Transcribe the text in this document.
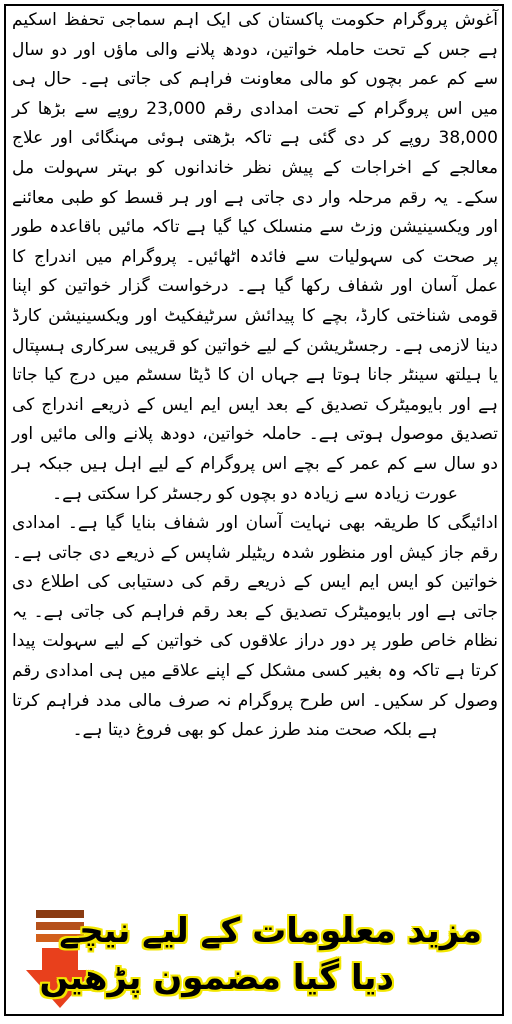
آغوش پروگرام حکومت پاکستان کی ایک اہم سماجی تحفظ اسکیم ہے جس کے تحت حاملہ خواتین، دودھ پلانے والی ماؤں اور دو سال سے کم عمر بچوں کو مالی معاونت فراہم کی جاتی ہے۔ حال ہی میں اس پروگرام کے تحت امدادی رقم 23,000 روپے سے بڑھا کر 38,000 روپے کر دی گئی ہے تاکہ بڑھتی ہوئی مہنگائی اور علاج معالجے کے اخراجات کے پیش نظر خاندانوں کو بہتر سہولت مل سکے۔ یہ رقم مرحلہ وار دی جاتی ہے اور ہر قسط کو طبی معائنے اور ویکسینیشن وزٹ سے منسلک کیا گیا ہے تاکہ مائیں باقاعدہ طور پر صحت کی سہولیات سے فائدہ اٹھائیں۔ پروگرام میں اندراج کا عمل آسان اور شفاف رکھا گیا ہے۔ درخواست گزار خواتین کو اپنا قومی شناختی کارڈ، بچے کا پیدائش سرٹیفکیٹ اور ویکسینیشن کارڈ دینا لازمی ہے۔ رجسٹریشن کے لیے خواتین کو قریبی سرکاری ہسپتال یا ہیلتھ سینٹر جانا ہوتا ہے جہاں ان کا ڈیٹا سسٹم میں درج کیا جاتا ہے اور بایومیٹرک تصدیق کے بعد ایس ایم ایس کے ذریعے اندراج کی تصدیق موصول ہوتی ہے۔ حاملہ خواتین، دودھ پلانے والی مائیں اور دو سال سے کم عمر کے بچے اس پروگرام کے لیے اہل ہیں جبکہ ہر عورت زیادہ سے زیادہ دو بچوں کو رجسٹر کرا سکتی ہے۔

ادائیگی کا طریقہ بھی نہایت آسان اور شفاف بنایا گیا ہے۔ امدادی رقم جاز کیش اور منظور شدہ ریٹیلر شاپس کے ذریعے دی جاتی ہے۔ خواتین کو ایس ایم ایس کے ذریعے رقم کی دستیابی کی اطلاع دی جاتی ہے اور بایومیٹرک تصدیق کے بعد رقم فراہم کی جاتی ہے۔ یہ نظام خاص طور پر دور دراز علاقوں کی خواتین کے لیے سہولت پیدا کرتا ہے تاکہ وہ بغیر کسی مشکل کے اپنے علاقے میں ہی امدادی رقم وصول کر سکیں۔ اس طرح پروگرام نہ صرف مالی مدد فراہم کرتا ہے بلکہ صحت مند طرز عمل کو بھی فروغ دیتا ہے۔

مزید معلومات کے لیے نیچے
دیا گیا مضمون پڑھیں
